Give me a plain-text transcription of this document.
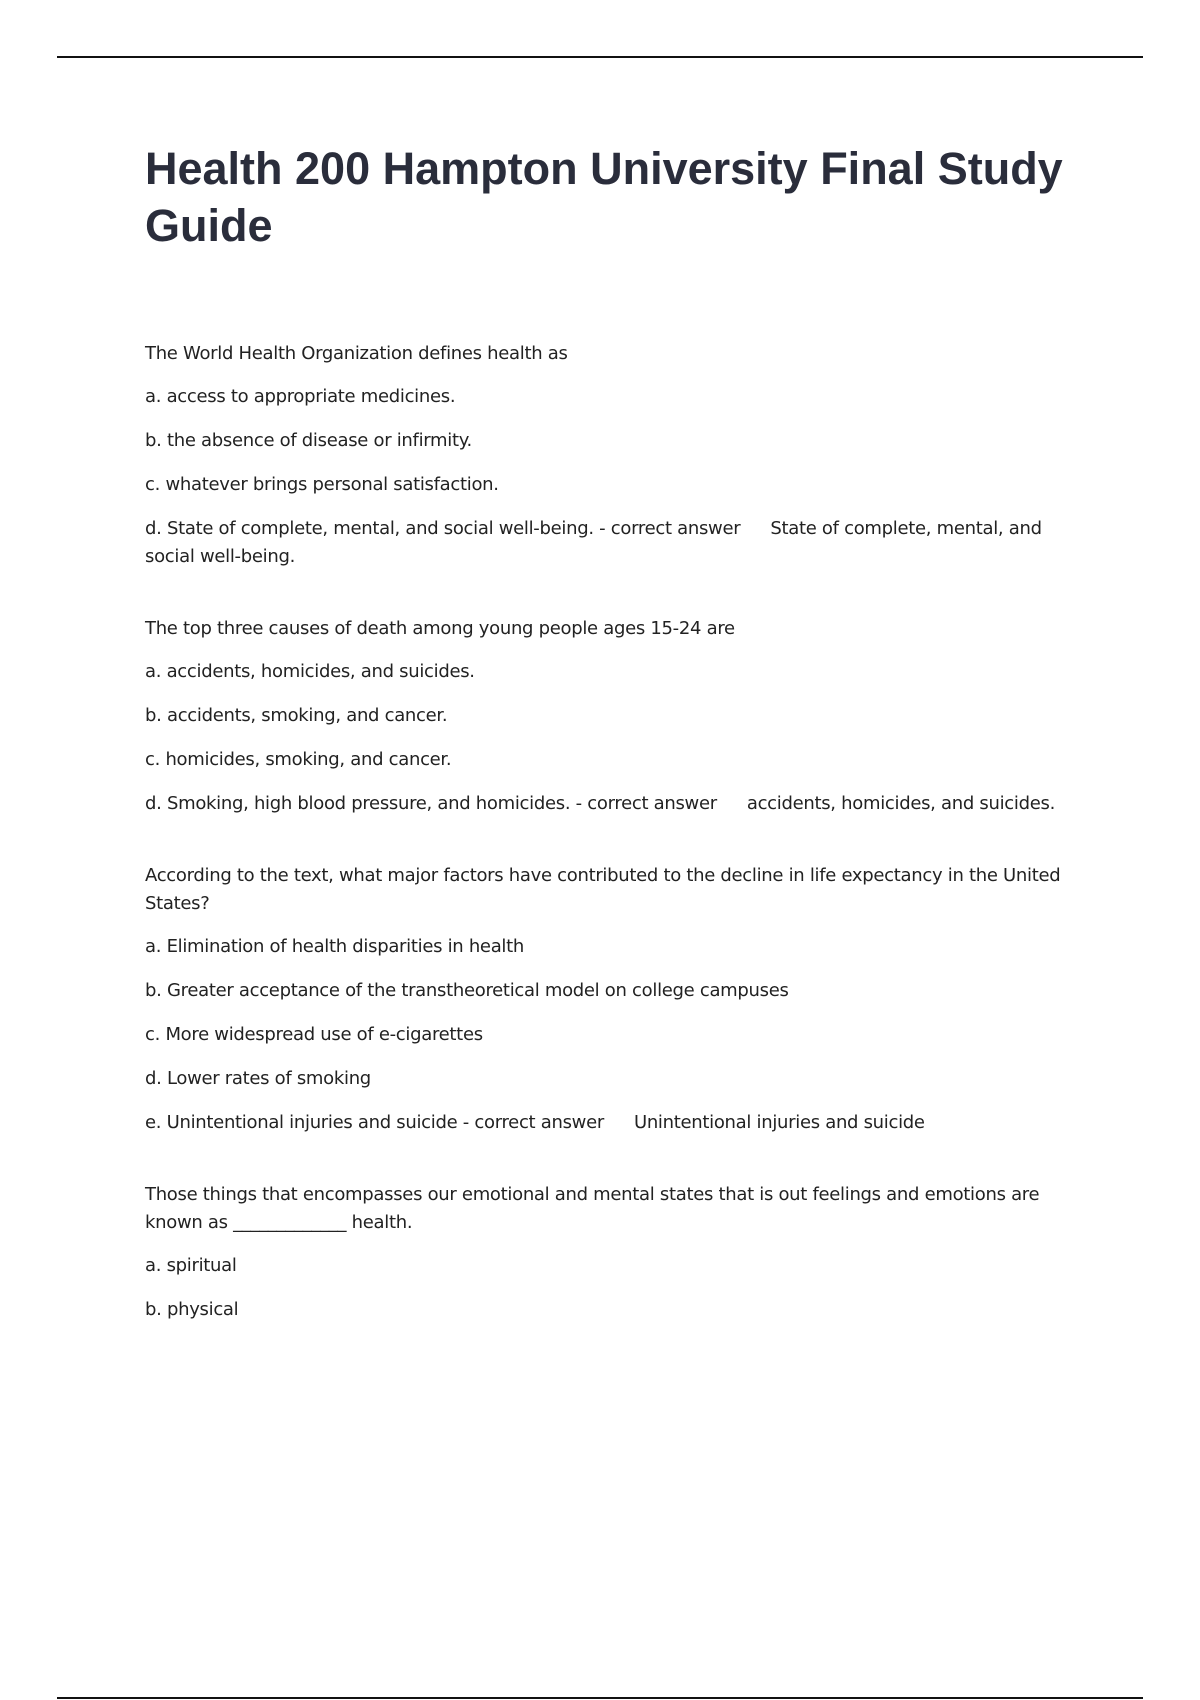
Health 200 Hampton University Final Study Guide

The World Health Organization defines health as

a. access to appropriate medicines.

b. the absence of disease or infirmity.

c. whatever brings personal satisfaction.

d. State of complete, mental, and social well-being. - correct answer State of complete, mental, and social well-being.

The top three causes of death among young people ages 15-24 are

a. accidents, homicides, and suicides.

b. accidents, smoking, and cancer.

c. homicides, smoking, and cancer.

d. Smoking, high blood pressure, and homicides. - correct answer accidents, homicides, and suicides.

According to the text, what major factors have contributed to the decline in life expectancy in the United States?

a. Elimination of health disparities in health

b. Greater acceptance of the transtheoretical model on college campuses

c. More widespread use of e-cigarettes

d. Lower rates of smoking

e. Unintentional injuries and suicide - correct answer Unintentional injuries and suicide

Those things that encompasses our emotional and mental states that is out feelings and emotions are known as _____________ health.

a. spiritual

b. physical
